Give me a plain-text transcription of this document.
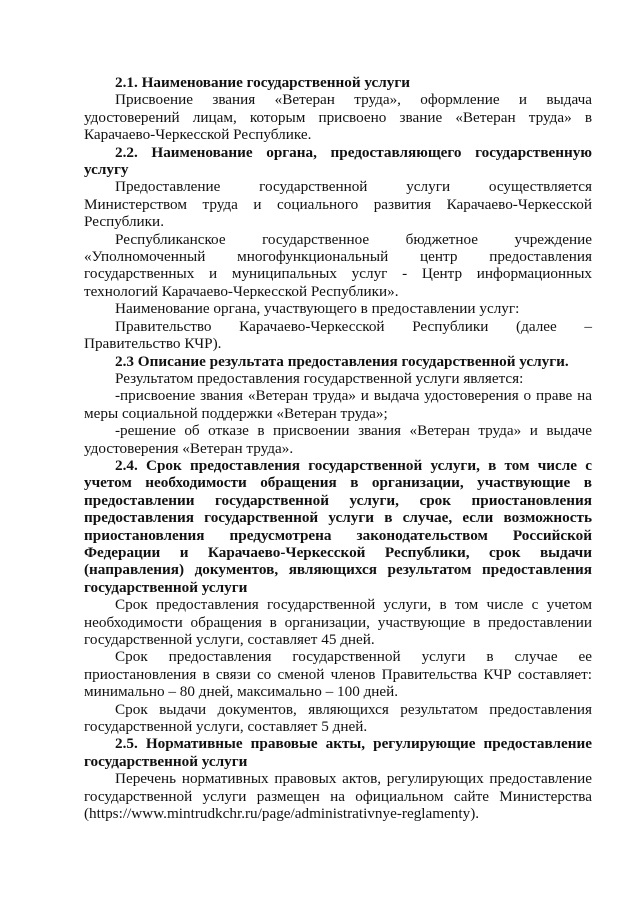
2.1. Наименование государственной услуги

Присвоение звания «Ветеран труда», оформление и выдача удостоверений лицам, которым присвоено звание «Ветеран труда» в Карачаево-Черкесской Республике.

2.2. Наименование органа, предоставляющего государственную услугу

Предоставление государственной услуги осуществляется Министерством труда и социального развития Карачаево-Черкесской Республики.

Республиканское государственное бюджетное учреждение «Уполномоченный многофункциональный центр предоставления государственных и муниципальных услуг - Центр информационных технологий Карачаево-Черкесской Республики».

Наименование органа, участвующего в предоставлении услуг:

Правительство Карачаево-Черкесской Республики (далее – Правительство КЧР).

2.3 Описание результата предоставления государственной услуги.

Результатом предоставления государственной услуги является:

-присвоение звания «Ветеран труда» и выдача удостоверения о праве на меры социальной поддержки «Ветеран труда»;

-решение об отказе в присвоении звания «Ветеран труда» и выдаче удостоверения «Ветеран труда».

2.4. Срок предоставления государственной услуги, в том числе с учетом необходимости обращения в организации, участвующие в предоставлении государственной услуги, срок приостановления предоставления государственной услуги в случае, если возможность приостановления предусмотрена законодательством Российской Федерации и Карачаево-Черкесской Республики, срок выдачи (направления) документов, являющихся результатом предоставления государственной услуги

Срок предоставления государственной услуги, в том числе с учетом необходимости обращения в организации, участвующие в предоставлении государственной услуги, составляет 45 дней.

Срок предоставления государственной услуги в случае ее приостановления в связи со сменой членов Правительства КЧР составляет: минимально – 80 дней, максимально – 100 дней.

Срок выдачи документов, являющихся результатом предоставления государственной услуги, составляет 5 дней.

2.5. Нормативные правовые акты, регулирующие предоставление государственной услуги

Перечень нормативных правовых актов, регулирующих предоставление государственной услуги размещен на официальном сайте Министерства (https://www.mintrudkchr.ru/page/administrativnye-reglamenty).
